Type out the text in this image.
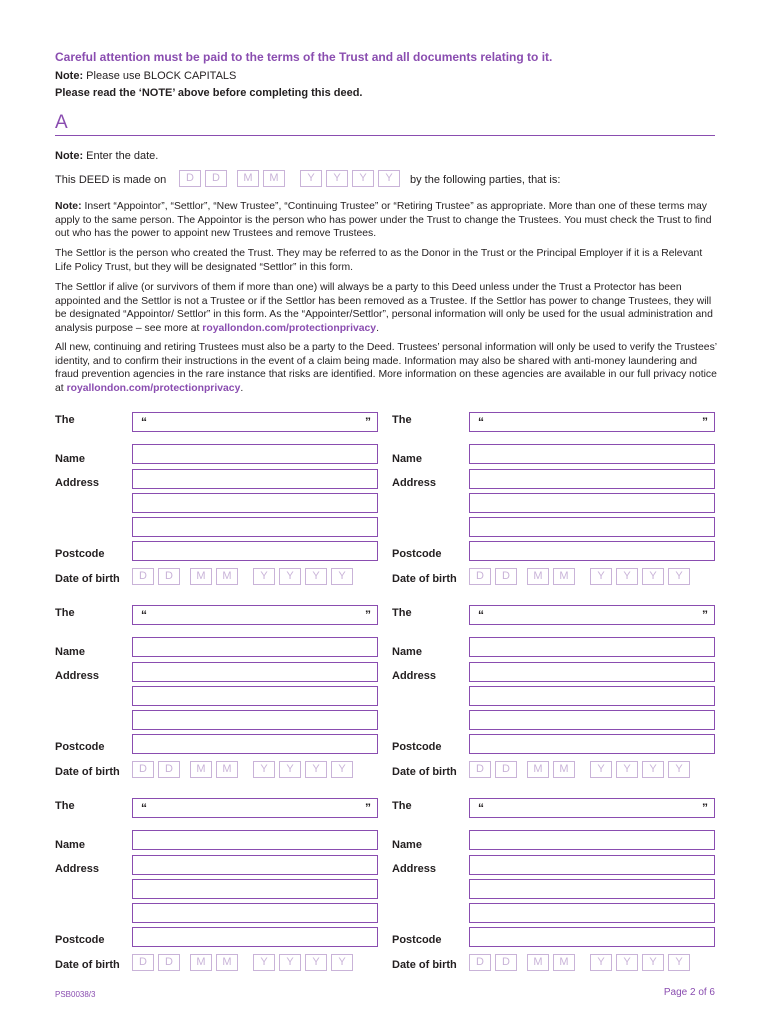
Careful attention must be paid to the terms of the Trust and all documents relating to it.
Note: Please use BLOCK CAPITALS
Please read the ‘NOTE’ above before completing this deed.
A
Note: Enter the date.
This DEED is made on	by the following parties, that is:
Note: Insert “Appointor”, “Settlor”, “New Trustee”, “Continuing Trustee” or “Retiring Trustee” as appropriate. More than one of these terms may apply to the same person. The Appointor is the person who has power under the Trust to change the Trustees. You must check the Trust to find out who has the power to appoint new Trustees and remove Trustees.
The Settlor is the person who created the Trust. They may be referred to as the Donor in the Trust or the Principal Employer if it is a Relevant Life Policy Trust, but they will be designated “Settlor” in this form.
The Settlor if alive (or survivors of them if more than one) will always be a party to this Deed unless under the Trust a Protector has been appointed and the Settlor is not a Trustee or if the Settlor has been removed as a Trustee. If the Settlor has power to change Trustees, they will be designated “Appointor/ Settlor” in this form. As the “Appointer/Settlor”, personal information will only be used for the usual administration and analysis purpose – see more at royallondon.com/protectionprivacy.
All new, continuing and retiring Trustees must also be a party to the Deed. Trustees’ personal information will only be used to verify the Trustees’ identity, and to confirm their instructions in the event of a claim being made. Information may also be shared with anti-money laundering and fraud prevention agencies in the rare instance that risks are identified. More information on these agencies are available in our full privacy notice at royallondon.com/protectionprivacy.
PSB0038/3	Page 2 of 6
D	D	M	M	Y	Y	Y	Y
The	“	”
Name
Address
Postcode
Date of birth	D	D	M	M	Y	Y	Y	Y
The	“	”
Name
Address
Postcode
Date of birth	D	D	M	M	Y	Y	Y	Y
The	“	”
Name
Address
Postcode
Date of birth	D	D	M	M	Y	Y	Y	Y
The	“	”
Name
Address
Postcode
Date of birth	D	D	M	M	Y	Y	Y	Y
The	“	”
Name
Address
Postcode
Date of birth	D	D	M	M	Y	Y	Y	Y
The	“	”
Name
Address
Postcode
Date of birth	D	D	M	M	Y	Y	Y	Y
